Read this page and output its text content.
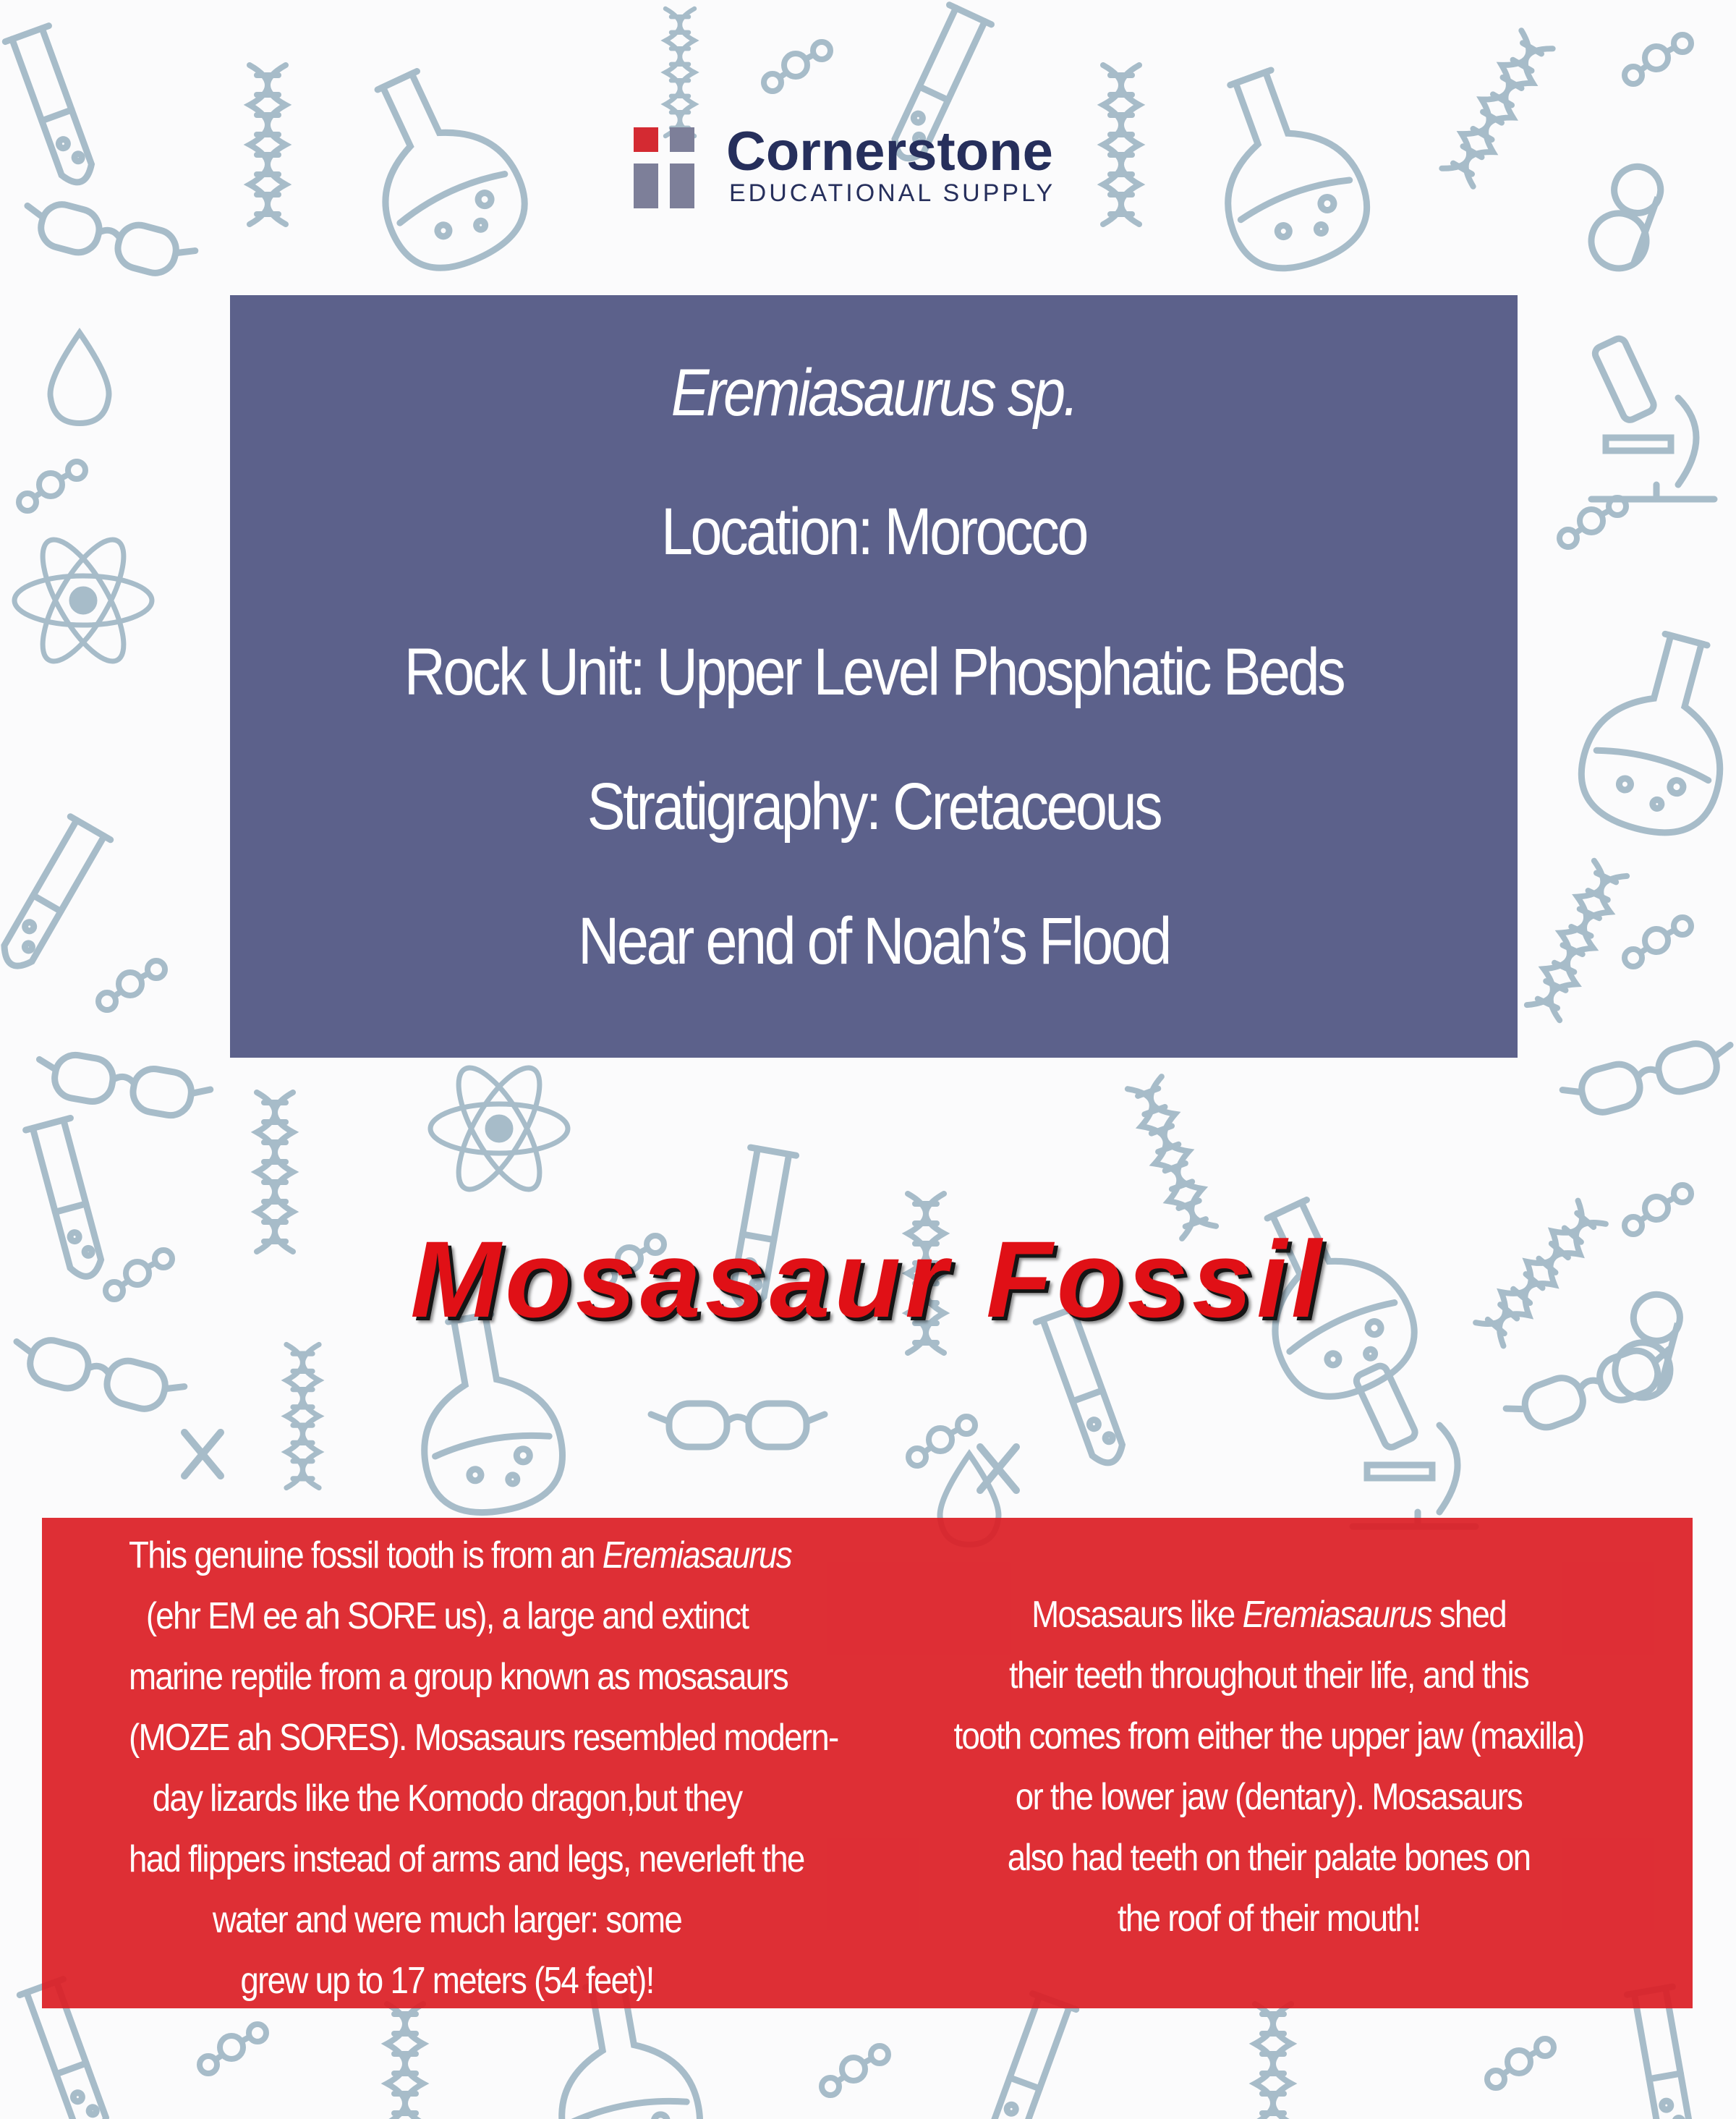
Cornerstone

EDUCATIONAL SUPPLY

Eremiasaurus sp.

Location: Morocco

Rock Unit: Upper Level Phosphatic Beds

Stratigraphy: Cretaceous

Near end of Noah’s Flood

Mosasaur Fossil
This genuine fossil tooth is from an Eremiasaurus
(ehr EM ee ah SORE us), a large and extinct
marine reptile from a group known as mosasaurs
(MOZE ah SORES). Mosasaurs resembled modern-
day lizards like the Komodo dragon,but they
had flippers instead of arms and legs, neverleft the
water and were much larger: some
grew up to 17 meters (54 feet)!
Mosasaurs like Eremiasaurus shed
their teeth throughout their life, and this
tooth comes from either the upper jaw (maxilla)
or the lower jaw (dentary). Mosasaurs
also had teeth on their palate bones on
the roof of their mouth!
